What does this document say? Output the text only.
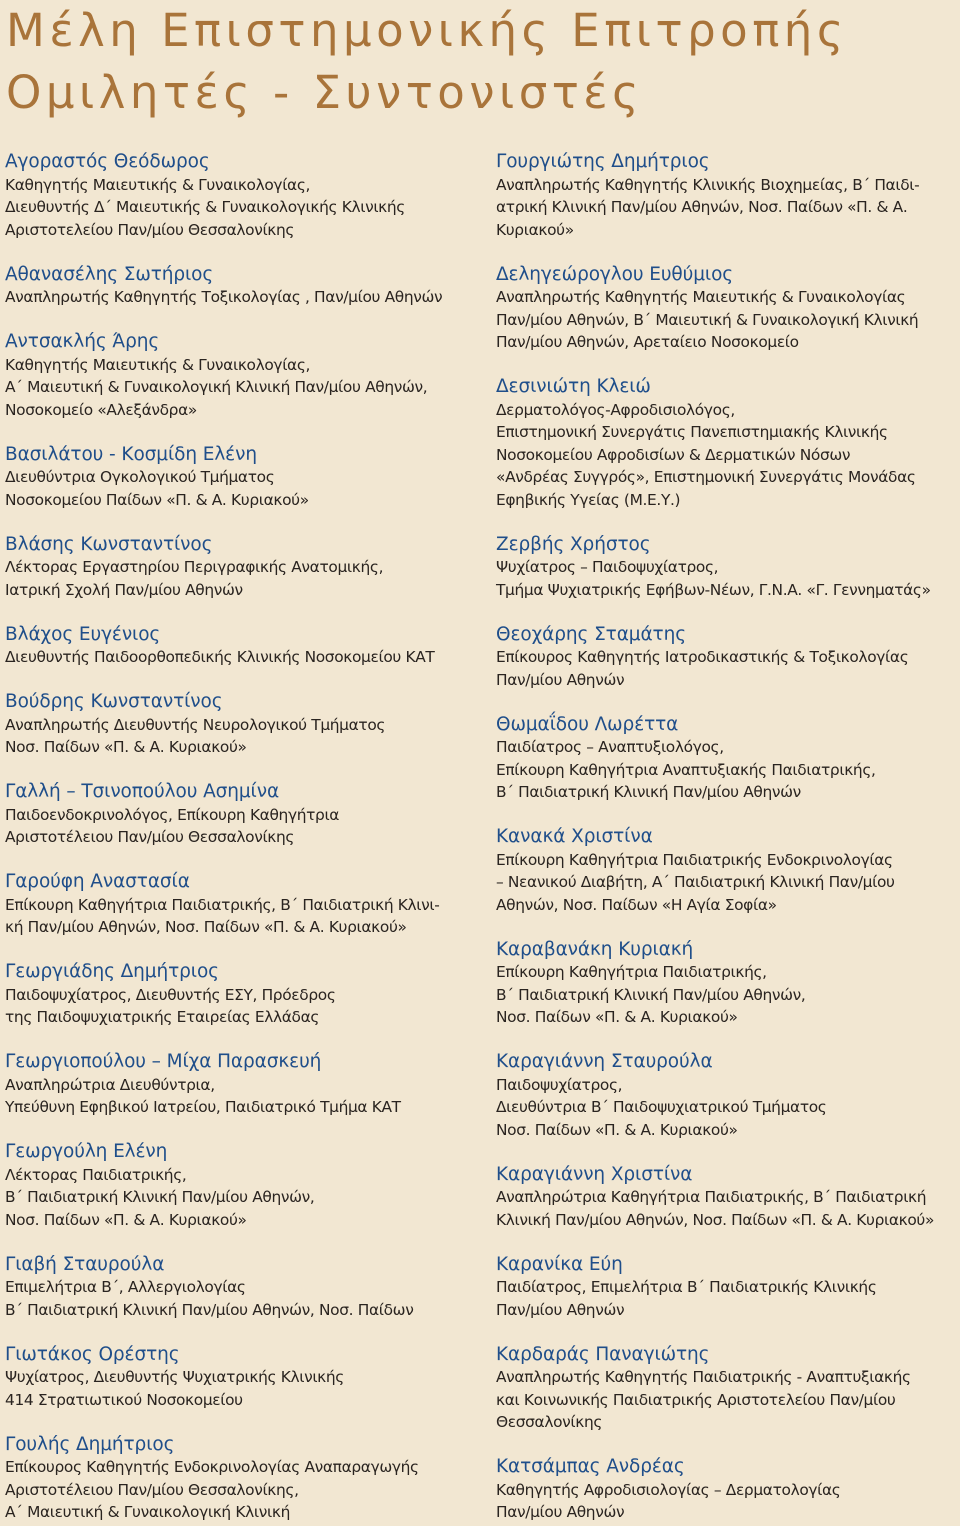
Μέλη Επιστημονικής Επιτροπής
Ομιλητές - Συντονιστές
Αγοραστός Θεόδωρος
Καθηγητής Μαιευτικής & Γυναικολογίας,
Διευθυντής Δ΄ Μαιευτικής & Γυναικολογικής Κλινικής
Αριστοτελείου Παν/μίου Θεσσαλονίκης
Αθανασέλης Σωτήριος
Αναπληρωτής Καθηγητής Τοξικολογίας , Παν/μίου Αθηνών
Αντσακλής Άρης
Καθηγητής Μαιευτικής & Γυναικολογίας,
Α΄ Μαιευτική & Γυναικολογική Κλινική Παν/μίου Αθηνών,
Νοσοκομείο «Αλεξάνδρα»
Βασιλάτου - Κοσμίδη Ελένη
Διευθύντρια Ογκολογικού Τμήματος
Νοσοκομείου Παίδων «Π. & Α. Κυριακού»
Βλάσης Κωνσταντίνος
Λέκτορας Εργαστηρίου Περιγραφικής Ανατομικής,
Ιατρική Σχολή Παν/μίου Αθηνών
Βλάχος Ευγένιος
Διευθυντής Παιδοορθοπεδικής Κλινικής Νοσοκομείου ΚΑΤ
Βούδρης Κωνσταντίνος
Αναπληρωτής Διευθυντής Νευρολογικού Τμήματος
Νοσ. Παίδων «Π. & Α. Κυριακού»
Γαλλή – Τσινοπούλου Ασημίνα
Παιδοενδοκρινολόγος, Επίκουρη Καθηγήτρια
Αριστοτέλειου Παν/μίου Θεσσαλονίκης
Γαρούφη Αναστασία
Επίκουρη Καθηγήτρια Παιδιατρικής, Β΄ Παιδιατρική Κλινι-
κή Παν/μίου Αθηνών, Νοσ. Παίδων «Π. & Α. Κυριακού»
Γεωργιάδης Δημήτριος
Παιδοψυχίατρος, Διευθυντής ΕΣΥ, Πρόεδρος
της Παιδοψυχιατρικής Εταιρείας Ελλάδας
Γεωργιοπούλου – Μίχα Παρασκευή
Αναπληρώτρια Διευθύντρια,
Υπεύθυνη Εφηβικού Ιατρείου, Παιδιατρικό Τμήμα ΚΑΤ
Γεωργούλη Ελένη
Λέκτορας Παιδιατρικής,
Β΄ Παιδιατρική Κλινική Παν/μίου Αθηνών,
Νοσ. Παίδων «Π. & Α. Κυριακού»
Γιαβή Σταυρούλα
Επιμελήτρια Β΄, Αλλεργιολογίας
Β΄ Παιδιατρική Κλινική Παν/μίου Αθηνών, Νοσ. Παίδων
Γιωτάκος Ορέστης
Ψυχίατρος, Διευθυντής Ψυχιατρικής Κλινικής
414 Στρατιωτικού Νοσοκομείου
Γουλής Δημήτριος
Επίκουρος Καθηγητής Ενδοκρινολογίας Αναπαραγωγής
Αριστοτέλειου Παν/μίου Θεσσαλονίκης,
Α΄ Μαιευτική & Γυναικολογική Κλινική
Γουργιώτης Δημήτριος
Αναπληρωτής Καθηγητής Κλινικής Βιοχημείας, Β΄ Παιδι-
ατρική Κλινική Παν/μίου Αθηνών, Νοσ. Παίδων «Π. & Α.
Κυριακού»
Δεληγεώρογλου Ευθύμιος
Αναπληρωτής Καθηγητής Μαιευτικής & Γυναικολογίας
Παν/μίου Αθηνών, Β΄ Μαιευτική & Γυναικολογική Κλινική
Παν/μίου Αθηνών, Αρεταίειο Νοσοκομείο
Δεσινιώτη Κλειώ
Δερματολόγος-Αφροδισιολόγος,
Επιστημονική Συνεργάτις Πανεπιστημιακής Κλινικής
Νοσοκομείου Αφροδισίων & Δερματικών Νόσων
«Ανδρέας Συγγρός», Επιστημονική Συνεργάτις Μονάδας
Εφηβικής Υγείας (Μ.Ε.Υ.)
Ζερβής Χρήστος
Ψυχίατρος – Παιδοψυχίατρος,
Τμήμα Ψυχιατρικής Εφήβων-Νέων, Γ.Ν.Α. «Γ. Γεννηματάς»
Θεοχάρης Σταμάτης
Επίκουρος Καθηγητής Ιατροδικαστικής & Τοξικολογίας
Παν/μίου Αθηνών
Θωμαΐδου Λωρέττα
Παιδίατρος – Αναπτυξιολόγος,
Επίκουρη Καθηγήτρια Αναπτυξιακής Παιδιατρικής,
Β΄ Παιδιατρική Κλινική Παν/μίου Αθηνών
Κανακά Χριστίνα
Επίκουρη Καθηγήτρια Παιδιατρικής Ενδοκρινολογίας
– Νεανικού Διαβήτη, Α΄ Παιδιατρική Κλινική Παν/μίου
Αθηνών, Νοσ. Παίδων «Η Αγία Σοφία»
Καραβανάκη Κυριακή
Επίκουρη Καθηγήτρια Παιδιατρικής,
Β΄ Παιδιατρική Κλινική Παν/μίου Αθηνών,
Νοσ. Παίδων «Π. & Α. Κυριακού»
Καραγιάννη Σταυρούλα
Παιδοψυχίατρος,
Διευθύντρια Β΄ Παιδοψυχιατρικού Τμήματος
Νοσ. Παίδων «Π. & Α. Κυριακού»
Καραγιάννη Χριστίνα
Αναπληρώτρια Καθηγήτρια Παιδιατρικής, Β΄ Παιδιατρική
Κλινική Παν/μίου Αθηνών, Νοσ. Παίδων «Π. & Α. Κυριακού»
Καρανίκα Εύη
Παιδίατρος, Επιμελήτρια Β΄ Παιδιατρικής Κλινικής
Παν/μίου Αθηνών
Καρδαράς Παναγιώτης
Αναπληρωτής Καθηγητής Παιδιατρικής - Αναπτυξιακής
και Κοινωνικής Παιδιατρικής Αριστοτελείου Παν/μίου
Θεσσαλονίκης
Κατσάμπας Ανδρέας
Καθηγητής Αφροδισιολογίας – Δερματολογίας
Παν/μίου Αθηνών
